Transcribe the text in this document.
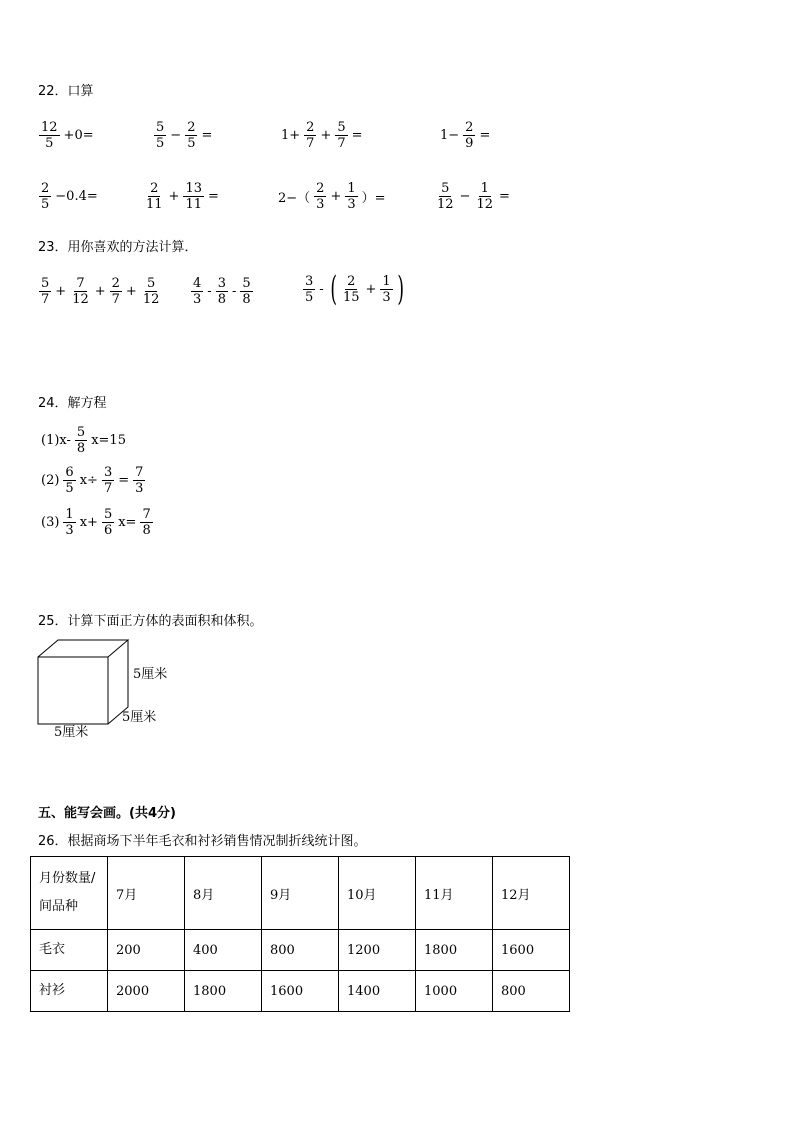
22．口算
$\frac{12}{5} +0=$	$\frac{5}{5} - \frac{2}{5}$ =	$1+ \frac{2}{7} + \frac{5}{7}$ =	$1- \frac{2}{9}$ =
$\frac{2}{5} -0.4=$	$\frac{2}{11} + \frac{13}{11}$ =	$2-( \frac{2}{3} + \frac{1}{3}$ ）=	$\frac{5}{12} - \frac{1}{12}$ =
23．用你喜欢的方法计算．
$\frac{5}{7} + \frac{7}{12} + \frac{2}{7} + \frac{5}{12} \frac{4}{3} - \frac{3}{8} - \frac{5}{8}$	$\frac{3}{5}$ - ( $\frac{2}{15} + \frac{1}{3}$ )
24．解方程
$(1)x- \frac{5}{8} x=15$
$(2) \frac{6}{5} x\div \frac{3}{7} = \frac{7}{3}$
$(3) \frac{1}{3} x+ \frac{5}{6} x= \frac{7}{8}$
25．计算下面正方体的表面积和体积。
5厘米
5厘米
5厘米
五、能写会画。(共4分)
26．根据商场下半年毛衣和衬衫销售情况制折线统计图。
月份数量/
间品种	7月	8月	9月	10月	11月	12月
毛衣	200	400	800	1200	1800	1600
衬衫	2000	1800	1600	1400	1000	800
